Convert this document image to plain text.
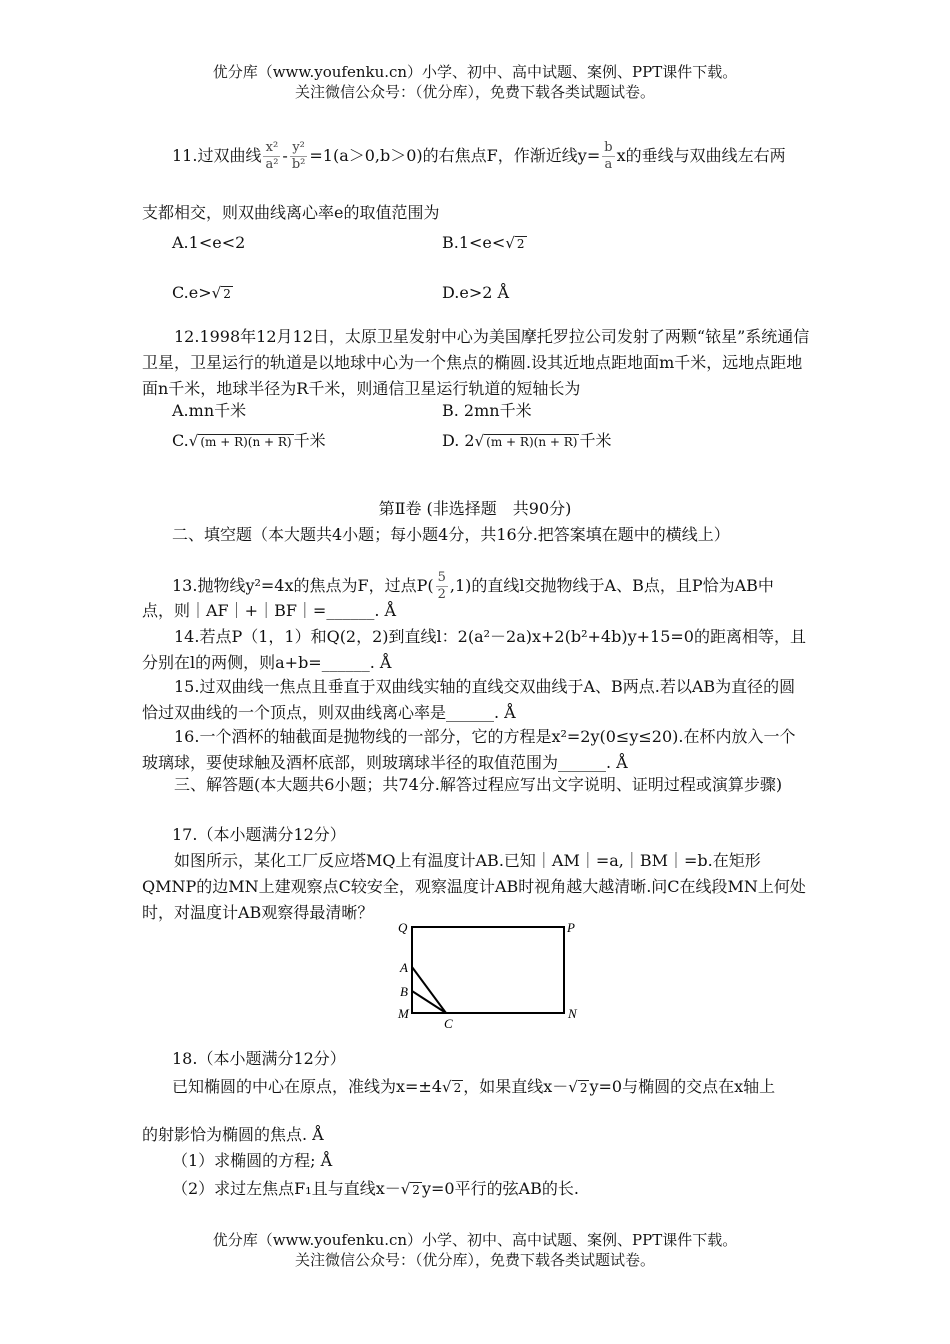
优分库（www.youfenku.cn）小学、初中、高中试题、案例、PPT课件下载。
关注微信公众号：（优分库），免费下载各类试题试卷。
11.过双曲线 $\frac{\text{x²}}{\text{a²}} - \frac{\text{y²}}{\text{b²}} =1(a>0,b>0)$的右焦点F，作渐近线$y= \frac{b}{a}$ x的垂线与双曲线左右两
支都相交，则双曲线离心率e的取值范围为
A.1<e<2	B.1<e<√ 2
C.e>√ 2	D.e>2 Å
12.1998年12月12日，太原卫星发射中心为美国摩托罗拉公司发射了两颗“铱星”系统通信卫星，卫星运行的轨道是以地球中心为一个焦点的椭圆.设其近地点距地面m千米，远地点距地面n千米，地球半径为R千米，则通信卫星运行轨道的短轴长为
A.mn千米	B. 2mn千米
C.√ (m + R)(n + R) 千米	D. 2√ (m + R)(n + R) 千米
第Ⅱ卷 (非选择题　共90分)
二、填空题（本大题共4小题；每小题4分，共16分.把答案填在题中的横线上）
13.抛物线y²=4x的焦点为F，过点$P( \frac{5}{2} ,1)$的直线l交抛物线于A、B点，且P恰为AB中
点，则｜AF｜+｜BF｜=______. Å
14.若点P（1，1）和Q(2，2)到直线l：2(a²－2a)x+2(b²+4b)y+15=0的距离相等，且分别在l的两侧，则a+b=______. Å
15.过双曲线一焦点且垂直于双曲线实轴的直线交双曲线于A、B两点.若以AB为直径的圆恰过双曲线的一个顶点，则双曲线离心率是______. Å
16.一个酒杯的轴截面是抛物线的一部分，它的方程是x²=2y(0≤y≤20).在杯内放入一个玻璃球，要使球触及酒杯底部，则玻璃球半径的取值范围为______. Å
三、解答题(本大题共6小题；共74分.解答过程应写出文字说明、证明过程或演算步骤)
17.（本小题满分12分）
如图所示，某化工厂反应塔MQ上有温度计AB.已知｜AM｜=a,｜BM｜=b.在矩形QMNP的边MN上建观察点C较安全，观察温度计AB时视角越大越清晰.问C在线段MN上何处时，对温度计AB观察得最清晰？
Q	P
A
B
M
C
N
18.（本小题满分12分）
已知椭圆的中心在原点，准线为x=±4√ 2 ，如果直线x－√ 2 y=0与椭圆的交点在x轴上
的射影恰为椭圆的焦点. Å
（1）求椭圆的方程; Å
（2）求过左焦点F₁且与直线x－√ 2 y=0平行的弦AB的长.
优分库（www.youfenku.cn）小学、初中、高中试题、案例、PPT课件下载。
关注微信公众号：（优分库），免费下载各类试题试卷。
